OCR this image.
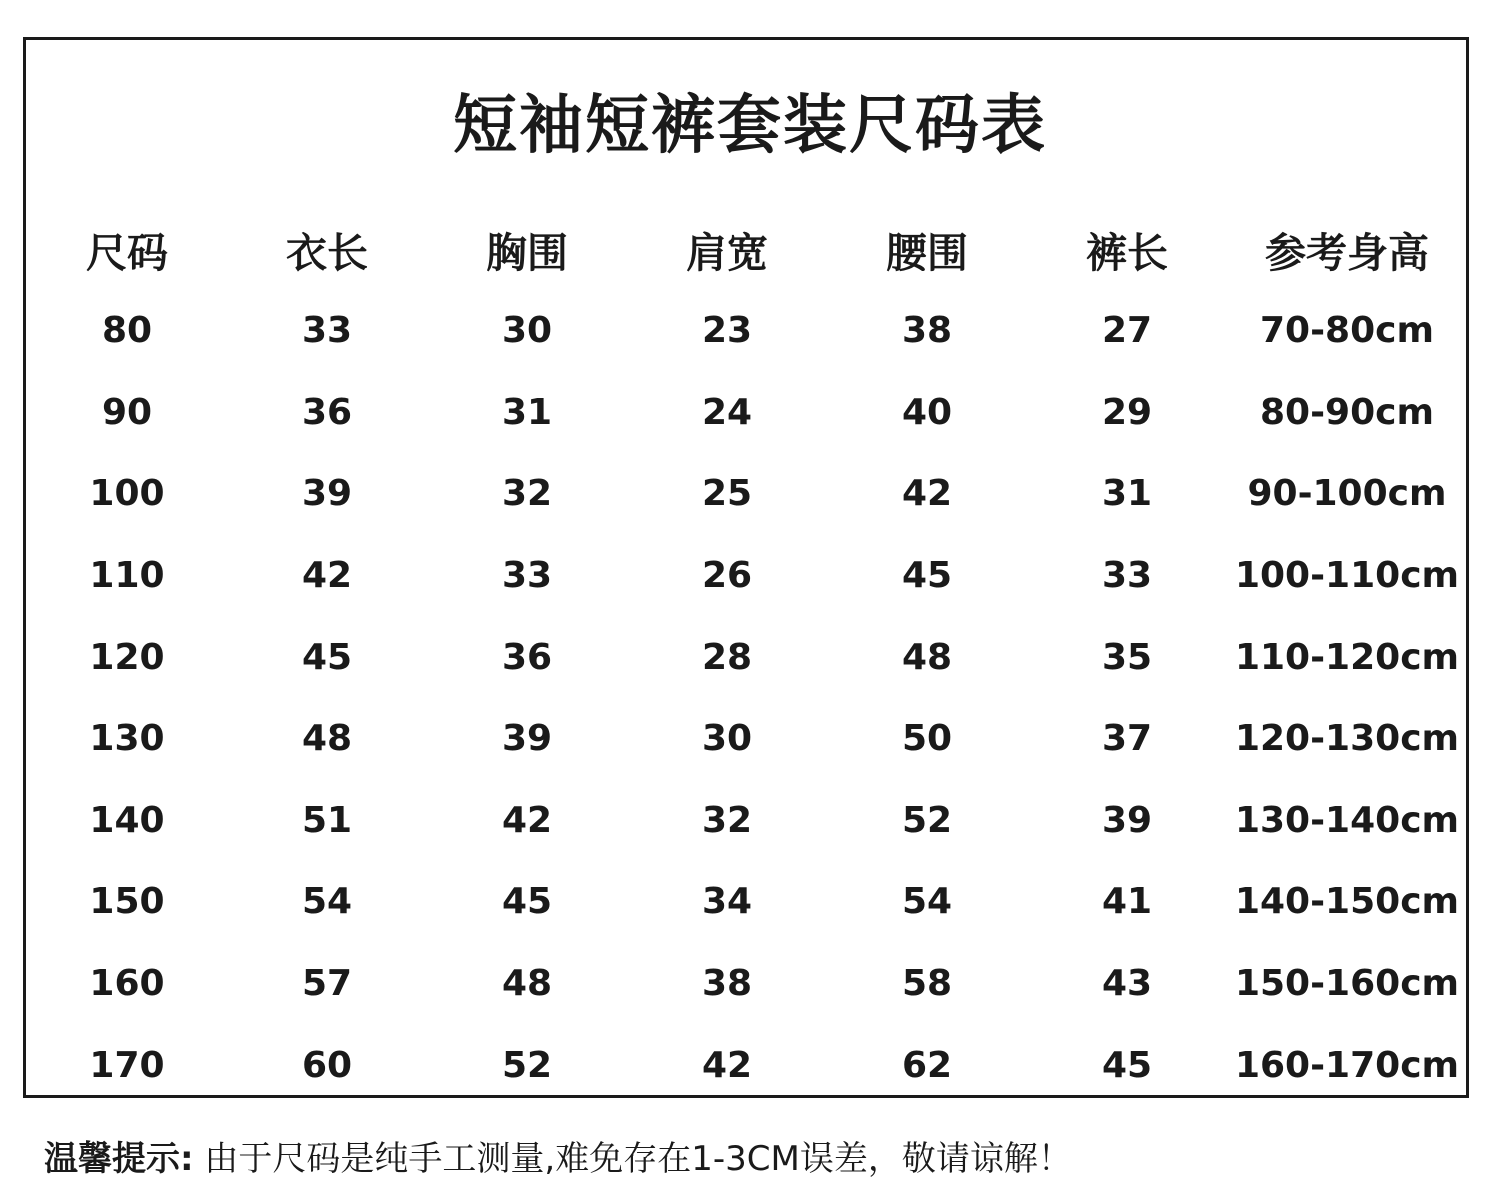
短袖短裤套装尺码表
尺码	衣长	胸围	肩宽	腰围	裤长	参考身高
80	33	30	23	38	27	70-80cm
90	36	31	24	40	29	80-90cm
100	39	32	25	42	31	90-100cm
110	42	33	26	45	33	100-110cm
120	45	36	28	48	35	110-120cm
130	48	39	30	50	37	120-130cm
140	51	42	32	52	39	130-140cm
150	54	45	34	54	41	140-150cm
160	57	48	38	58	43	150-160cm
170	60	52	42	62	45	160-170cm
温馨提示: 由于尺码是纯手工测量,难免存在1-3CM误差，敬请谅解！
